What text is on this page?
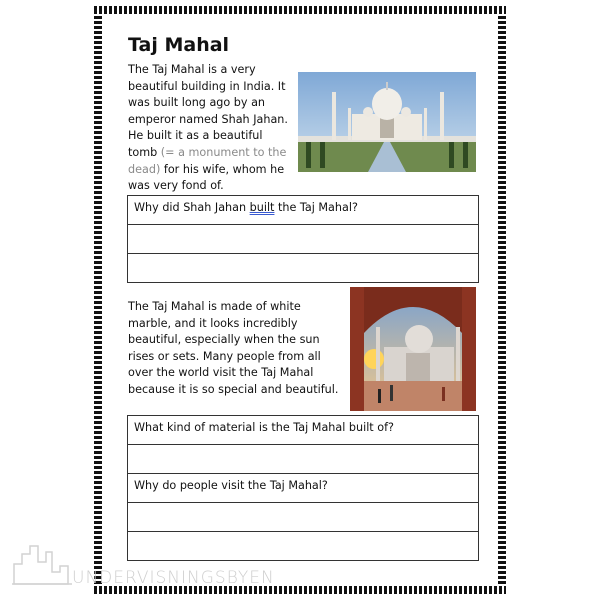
Taj Mahal

The Taj Mahal is a very beautiful building in India. It was built long ago by an emperor named Shah Jahan. He built it as a beautiful tomb (= a monument to the dead) for his wife, whom he was very fond of.

Why did Shah Jahan built the Taj Mahal?

The Taj Mahal is made of white marble, and it looks incredibly beautiful, especially when the sun rises or sets. Many people from all over the world visit the Taj Mahal because it is so special and beautiful.

What kind of material is the Taj Mahal built of?
Why do people visit the Taj Mahal?
UNDERVISNINGSBYEN
